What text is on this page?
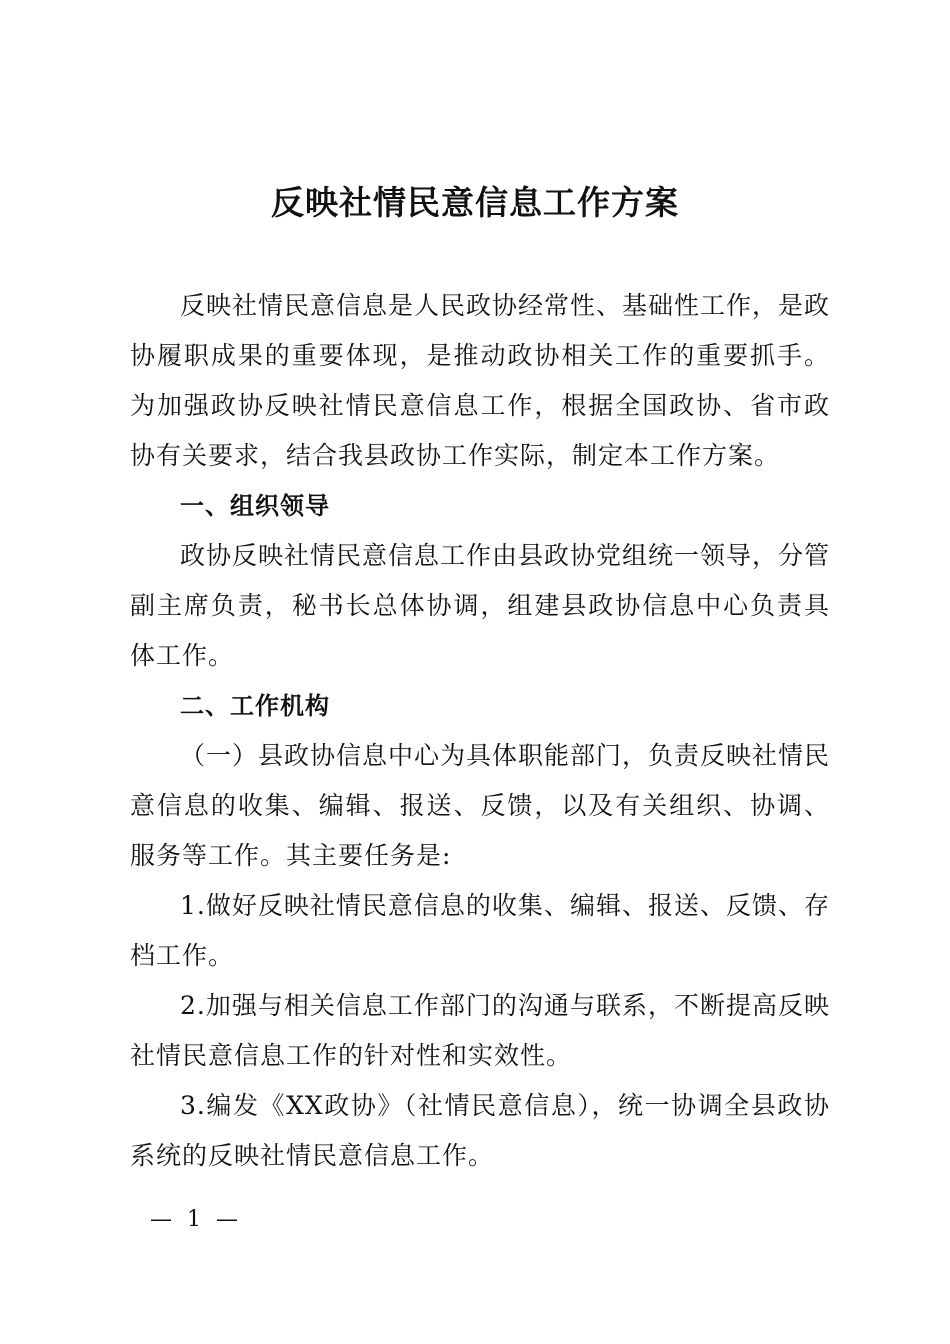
反映社情民意信息工作方案

反映社情民意信息是人民政协经常性、基础性工作，是政协履职成果的重要体现，是推动政协相关工作的重要抓手。为加强政协反映社情民意信息工作，根据全国政协、省市政协有关要求，结合我县政协工作实际，制定本工作方案。

一、组织领导

政协反映社情民意信息工作由县政协党组统一领导，分管副主席负责，秘书长总体协调，组建县政协信息中心负责具体工作。

二、工作机构

（一）县政协信息中心为具体职能部门，负责反映社情民意信息的收集、编辑、报送、反馈，以及有关组织、协调、服务等工作。其主要任务是:

1.做好反映社情民意信息的收集、编辑、报送、反馈、存档工作。

2.加强与相关信息工作部门的沟通与联系，不断提高反映社情民意信息工作的针对性和实效性。

3.编发《XX政协》（社情民意信息），统一协调全县政协系统的反映社情民意信息工作。

— 1 —
